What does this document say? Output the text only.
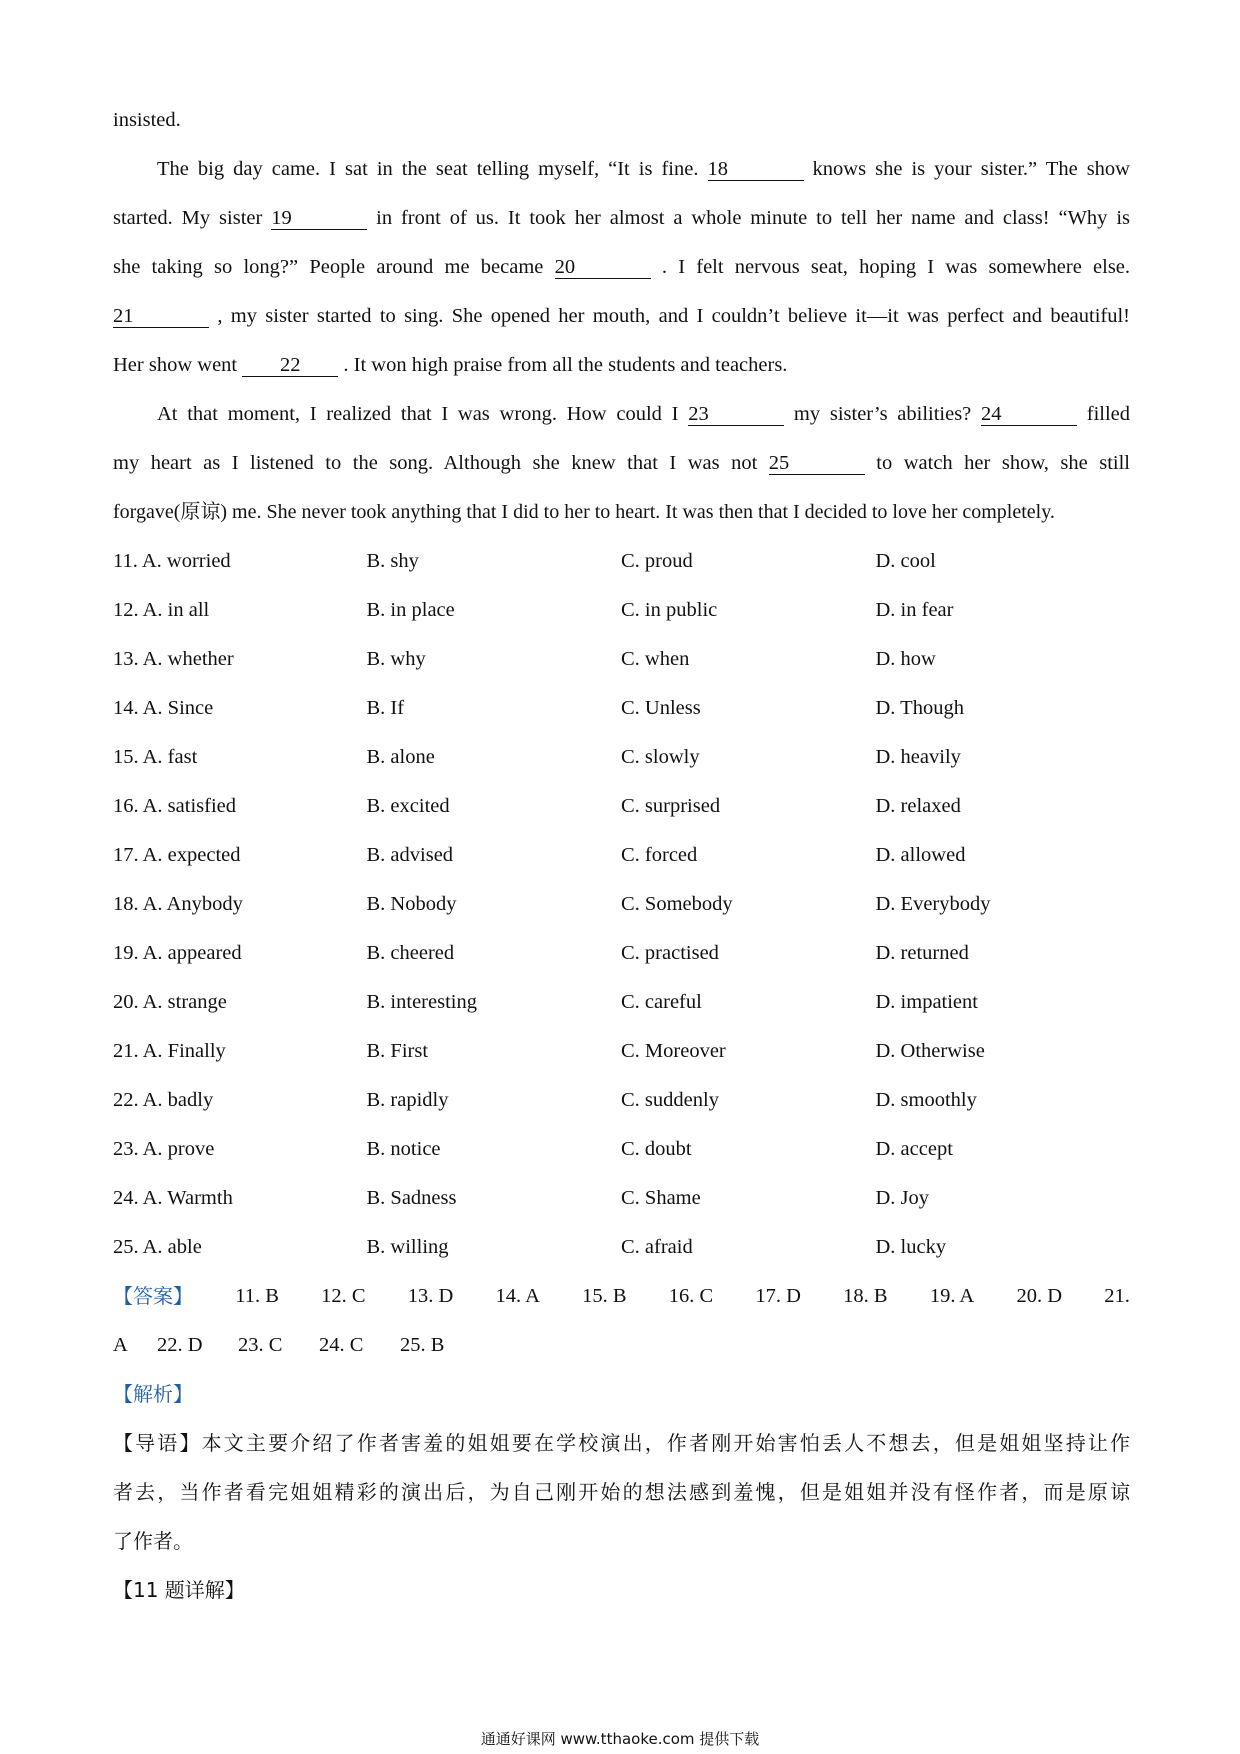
insisted.
The big day came. I sat in the seat telling myself, “It is fine. 18	knows she is your sister.” The show
started. My sister 19	in front of us. It took her almost a whole minute to tell her name and class! “Why is
she taking so long?” People around me became 20	. I felt nervous seat, hoping I was somewhere else.
21	, my sister started to sing. She opened her mouth, and I couldn’t believe it—it was perfect and beautiful!
Her show went 22 . It won high praise from all the students and teachers.
At that moment, I realized that I was wrong. How could I 23	my sister’s abilities? 24	filled
my heart as I listened to the song. Although she knew that I was not 25	to watch her show, she still
forgave(原谅) me. She never took anything that I did to her to heart. It was then that I decided to love her completely.
11. A. worried	B. shy	C. proud	D. cool
12. A. in all	B. in place	C. in public	D. in fear
13. A. whether	B. why	C. when	D. how
14. A. Since	B. If	C. Unless	D. Though
15. A. fast	B. alone	C. slowly	D. heavily
16. A. satisfied	B. excited	C. surprised	D. relaxed
17. A. expected	B. advised	C. forced	D. allowed
18. A. Anybody	B. Nobody	C. Somebody	D. Everybody
19. A. appeared	B. cheered	C. practised	D. returned
20. A. strange	B. interesting	C. careful	D. impatient
21. A. Finally	B. First	C. Moreover	D. Otherwise
22. A. badly	B. rapidly	C. suddenly	D. smoothly
23. A. prove	B. notice	C. doubt	D. accept
24. A. Warmth	B. Sadness	C. Shame	D. Joy
25. A. able	B. willing	C. afraid	D. lucky
【答案】 11. B 12. C 13. D 14. A 15. B 16. C 17. D 18. B 19. A 20. D 21.
A 22. D 23. C 24. C 25. B
【解析】
【导语】本文主要介绍了作者害羞的姐姐要在学校演出，作者刚开始害怕丢人不想去，但是姐姐坚持让作
者去，当作者看完姐姐精彩的演出后，为自己刚开始的想法感到羞愧，但是姐姐并没有怪作者，而是原谅
了作者。
【11 题详解】
通通好课网 www.tthaoke.com 提供下载
